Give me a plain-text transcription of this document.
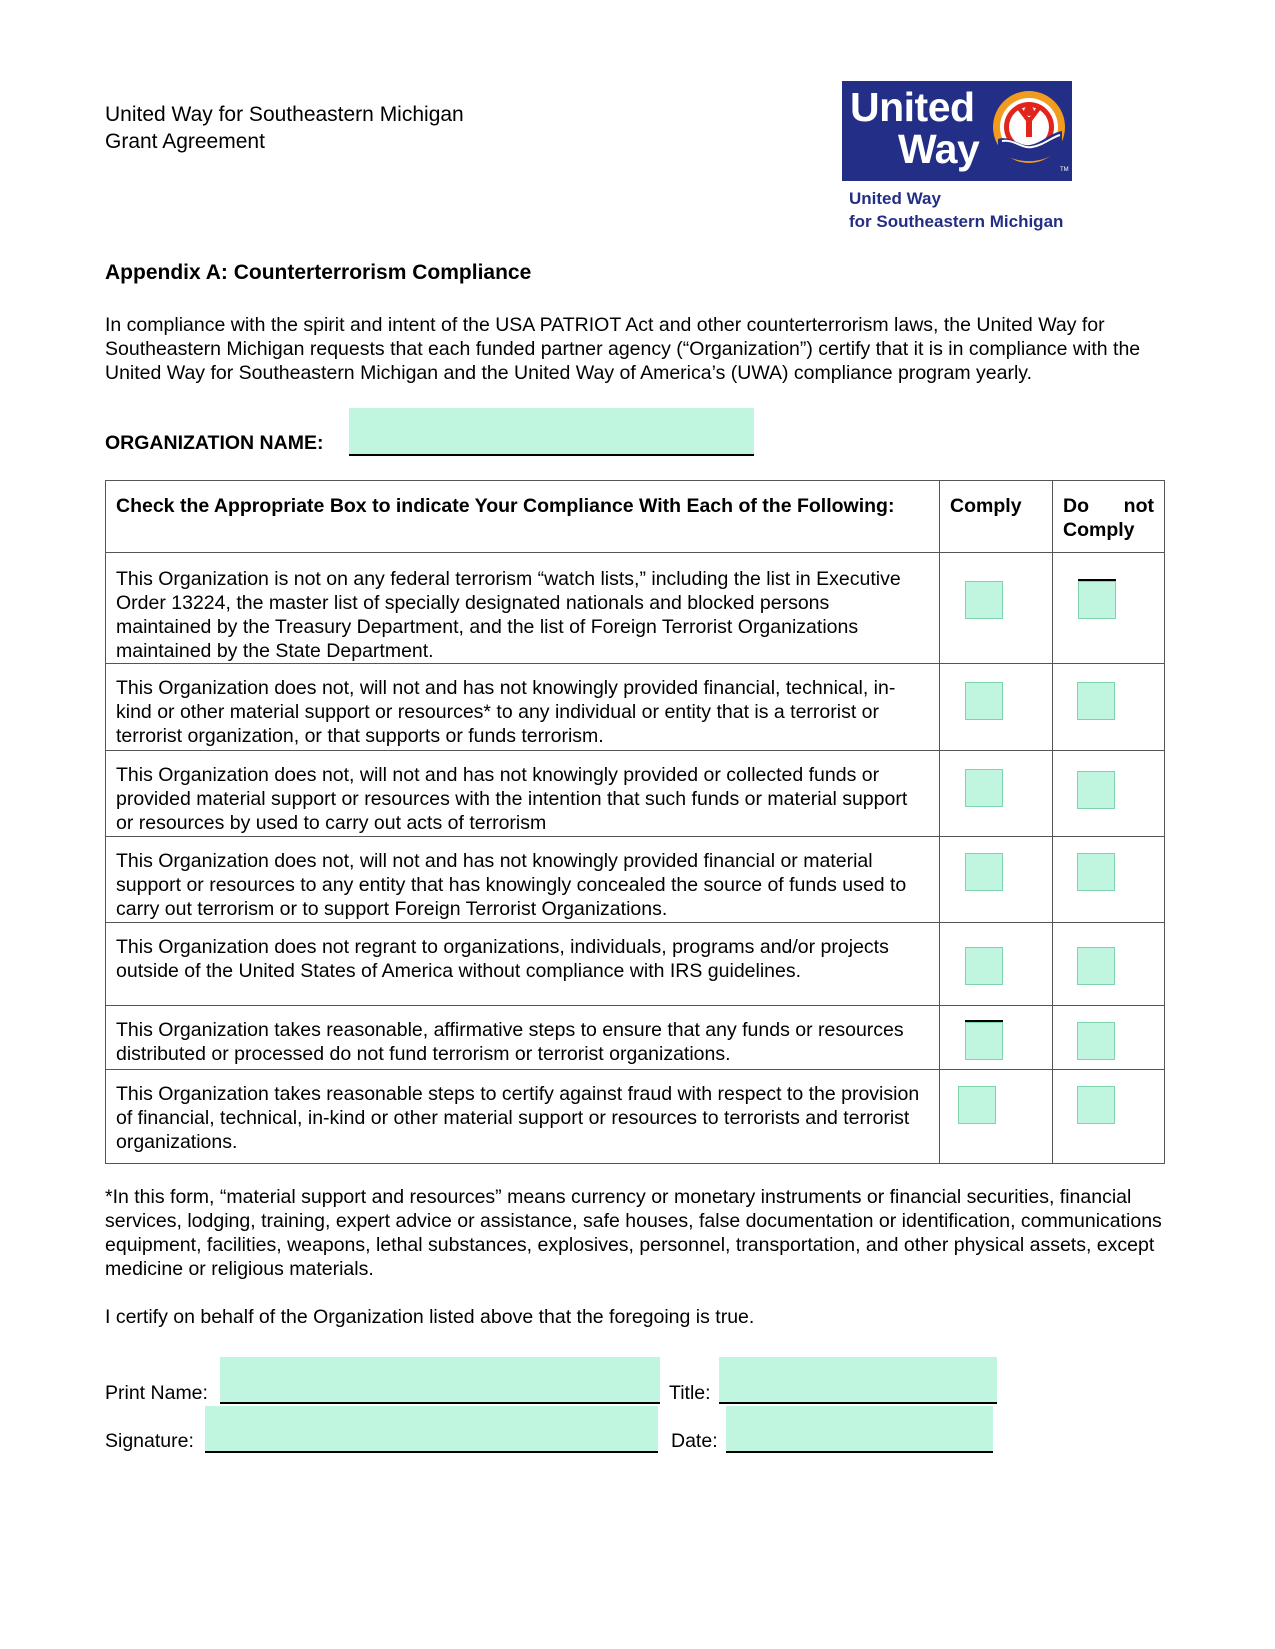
United Way for Southeastern Michigan
Grant Agreement
United
Way	TM
United Way
for Southeastern Michigan
Appendix A: Counterterrorism Compliance
In compliance with the spirit and intent of the USA PATRIOT Act and other counterterrorism laws, the United Way for Southeastern Michigan requests that each funded partner agency (“Organization”) certify that it is in compliance with the United Way for Southeastern Michigan and the United Way of America’s (UWA) compliance program yearly.
ORGANIZATION NAME:
Check the Appropriate Box to indicate Your Compliance With Each of the Following:	Comply	Do not
Comply

This Organization is not on any federal terrorism “watch lists,” including the list in Executive Order 13224, the master list of specially designated nationals and blocked persons maintained by the Treasury Department, and the list of Foreign Terrorist Organizations maintained by the State Department.	

This Organization does not, will not and has not knowingly provided financial, technical, in-kind or other material support or resources* to any individual or entity that is a terrorist or terrorist organization, or that supports or funds terrorism.	

This Organization does not, will not and has not knowingly provided or collected funds or provided material support or resources with the intention that such funds or material support or resources by used to carry out acts of terrorism	

This Organization does not, will not and has not knowingly provided financial or material support or resources to any entity that has knowingly concealed the source of funds used to carry out terrorism or to support Foreign Terrorist Organizations.	

This Organization does not regrant to organizations, individuals, programs and/or projects outside of the United States of America without compliance with IRS guidelines.	

This Organization takes reasonable, affirmative steps to ensure that any funds or resources distributed or processed do not fund terrorism or terrorist organizations.	

This Organization takes reasonable steps to certify against fraud with respect to the provision of financial, technical, in-kind or other material support or resources to terrorists and terrorist organizations.	

*In this form, “material support and resources” means currency or monetary instruments or financial securities, financial services, lodging, training, expert advice or assistance, safe houses, false documentation or identification, communications equipment, facilities, weapons, lethal substances, explosives, personnel, transportation, and other physical assets, except medicine or religious materials.
I certify on behalf of the Organization listed above that the foregoing is true.
Print Name:	Title:
Signature:	Date:
